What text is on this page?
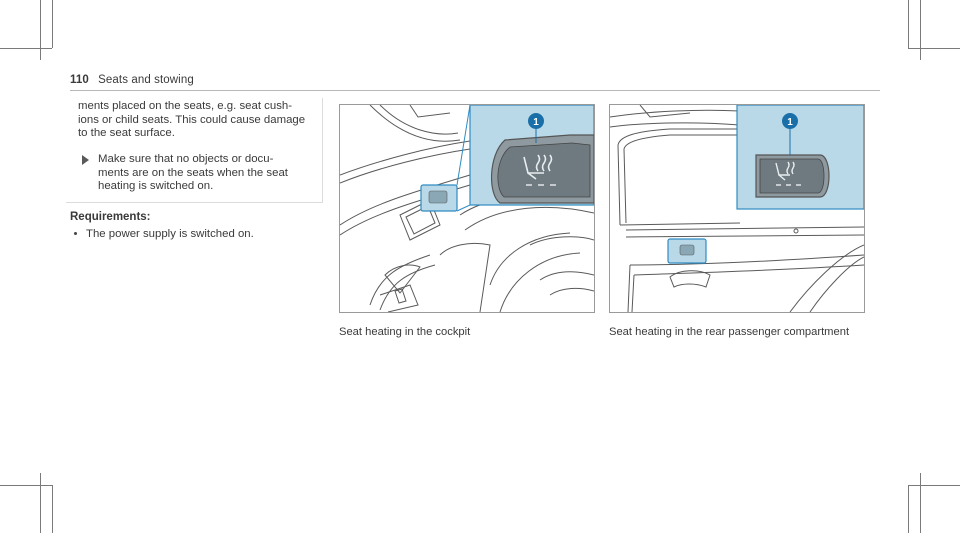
110 Seats and stowing
ments placed on the seats, e.g. seat cush-
ions or child seats. This could cause damage
to the seat surface.
Make sure that no objects or docu-
ments are on the seats when the seat
heating is switched on.
Requirements:
The power supply is switched on.
1
Seat heating in the cockpit
1
Seat heating in the rear passenger compartment
